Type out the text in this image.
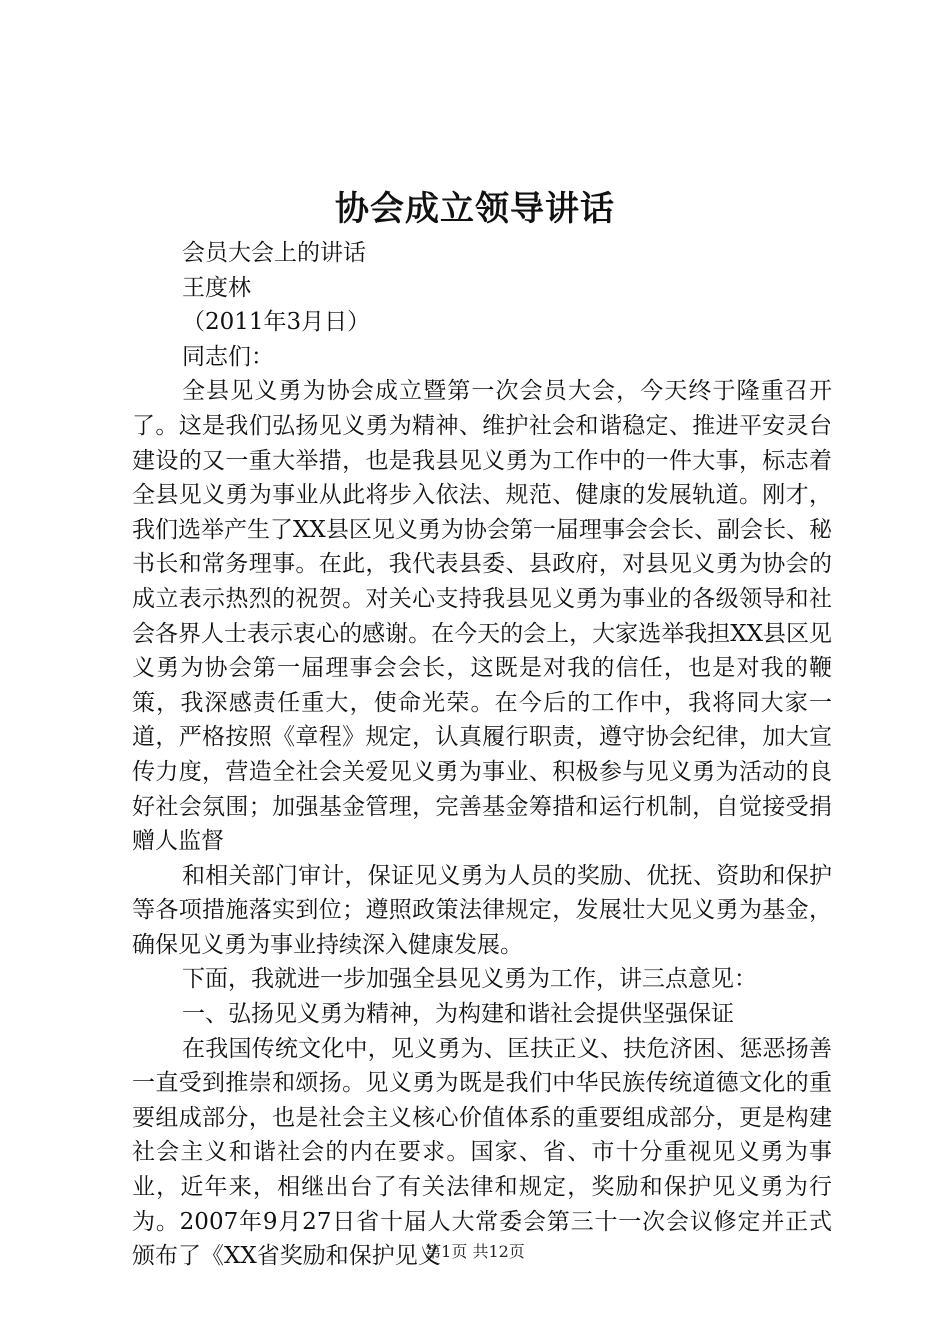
协会成立领导讲话

会员大会上的讲话

王度林

（2011年3月日）

同志们：

全县见义勇为协会成立暨第一次会员大会，今天终于隆重召开了。这是我们弘扬见义勇为精神、维护社会和谐稳定、推进平安灵台建设的又一重大举措，也是我县见义勇为工作中的一件大事，标志着全县见义勇为事业从此将步入依法、规范、健康的发展轨道。刚才，我们选举产生了XX县区见义勇为协会第一届理事会会长、副会长、秘书长和常务理事。在此，我代表县委、县政府，对县见义勇为协会的成立表示热烈的祝贺。对关心支持我县见义勇为事业的各级领导和社会各界人士表示衷心的感谢。在今天的会上，大家选举我担XX县区见义勇为协会第一届理事会会长，这既是对我的信任，也是对我的鞭策，我深感责任重大，使命光荣。在今后的工作中，我将同大家一道，严格按照《章程》规定，认真履行职责，遵守协会纪律，加大宣传力度，营造全社会关爱见义勇为事业、积极参与见义勇为活动的良好社会氛围；加强基金管理，完善基金筹措和运行机制，自觉接受捐赠人监督

和相关部门审计，保证见义勇为人员的奖励、优抚、资助和保护等各项措施落实到位；遵照政策法律规定，发展壮大见义勇为基金，确保见义勇为事业持续深入健康发展。

下面，我就进一步加强全县见义勇为工作，讲三点意见：

一、弘扬见义勇为精神，为构建和谐社会提供坚强保证

在我国传统文化中，见义勇为、匡扶正义、扶危济困、惩恶扬善一直受到推崇和颂扬。见义勇为既是我们中华民族传统道德文化的重要组成部分，也是社会主义核心价值体系的重要组成部分，更是构建社会主义和谐社会的内在要求。国家、省、市十分重视见义勇为事业，近年来，相继出台了有关法律和规定，奖励和保护见义勇为行为。2007年9月27日省十届人大常委会第三十一次会议修定并正式颁布了《XX省奖励和保护见义

第1页 共12页
